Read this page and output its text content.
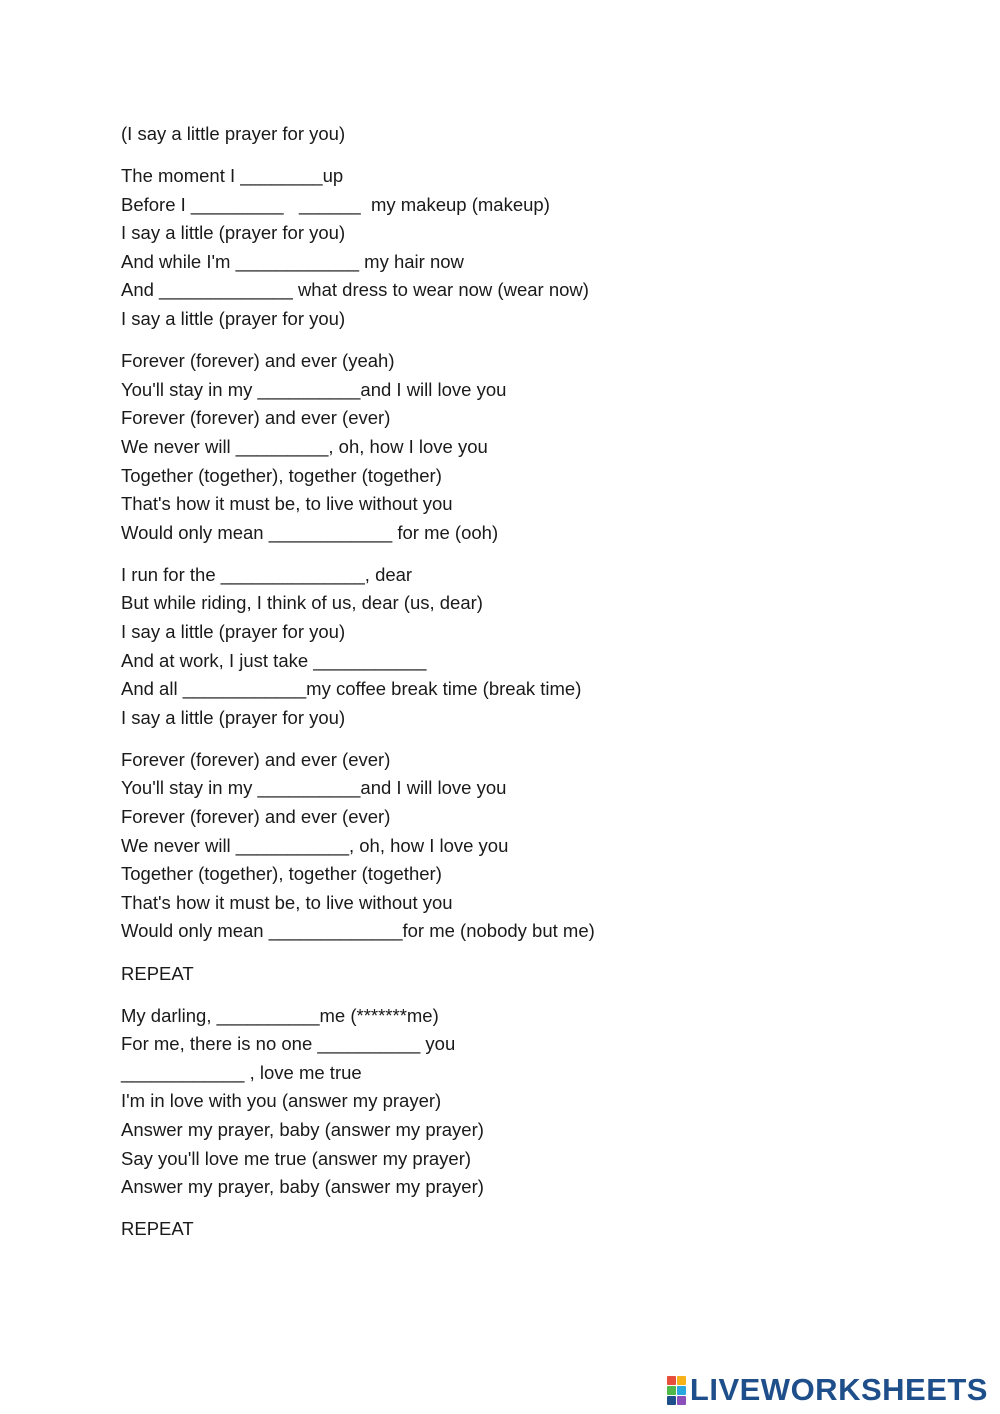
(I say a little prayer for you)
The moment I ________up
Before I _________   ______  my makeup (makeup)
I say a little (prayer for you)
And while I'm ____________ my hair now
And _____________ what dress to wear now (wear now)
I say a little (prayer for you)
Forever (forever) and ever (yeah)
You'll stay in my __________and I will love you
Forever (forever) and ever (ever)
We never will _________, oh, how I love you
Together (together), together (together)
That's how it must be, to live without you
Would only mean ____________ for me (ooh)
I run for the ______________, dear
But while riding, I think of us, dear (us, dear)
I say a little (prayer for you)
And at work, I just take ___________
And all ____________my coffee break time (break time)
I say a little (prayer for you)
Forever (forever) and ever (ever)
You'll stay in my __________and I will love you
Forever (forever) and ever (ever)
We never will ___________, oh, how I love you
Together (together), together (together)
That's how it must be, to live without you
Would only mean _____________for me (nobody but me)
REPEAT
My darling, __________me (*******me)
For me, there is no one __________ you
____________ , love me true
I'm in love with you (answer my prayer)
Answer my prayer, baby (answer my prayer)
Say you'll love me true (answer my prayer)
Answer my prayer, baby (answer my prayer)
REPEAT
LIVEWORKSHEETS
